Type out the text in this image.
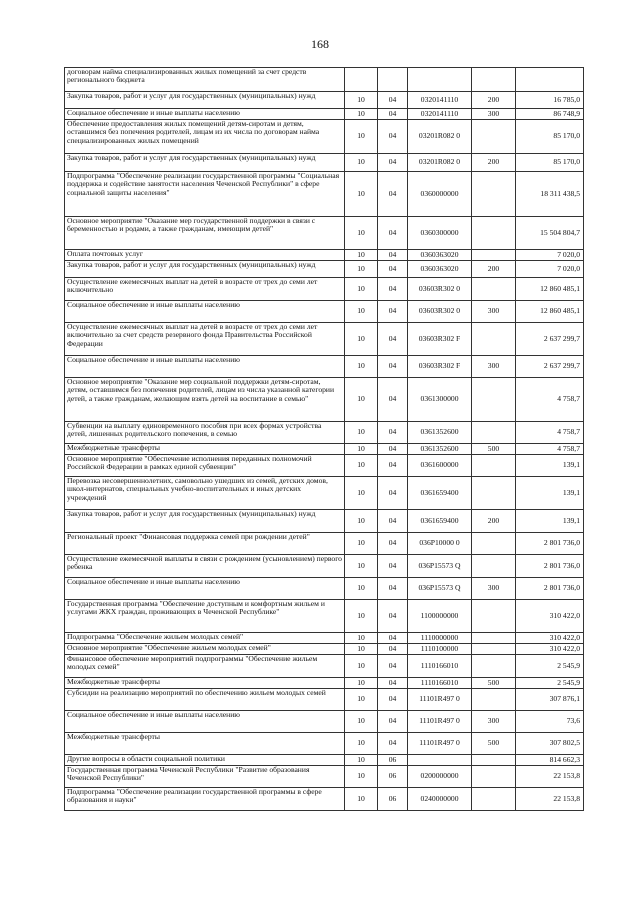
168
договорам найма специализированных жилых помещений за счет средств регионального бюджета					
Закупка товаров, работ и услуг для государственных (муниципальных) нужд	10	04	0320141110	200	16 785,0
Социальное обеспечение и иные выплаты населению	10	04	0320141110	300	86 748,9
Обеспечение предоставления жилых помещений детям-сиротам и детям, оставшимся без попечения родителей, лицам из их числа по договорам найма специализированных жилых помещений	10	04	03201R082 0		85 170,0
Закупка товаров, работ и услуг для государственных (муниципальных) нужд	10	04	03201R082 0	200	85 170,0
Подпрограмма "Обеспечение реализации государственной программы "Социальная поддержка и содействие занятости населения Чеченской Республики" в сфере социальной защиты населения"	10	04	0360000000		18 311 438,5
Основное мероприятие "Оказание мер государственной поддержки в связи с беременностью и родами, а также гражданам, имеющим детей"	10	04	0360300000		15 504 804,7
Оплата почтовых услуг	10	04	0360363020		7 020,0
Закупка товаров, работ и услуг для государственных (муниципальных) нужд	10	04	0360363020	200	7 020,0
Осуществление ежемесячных выплат на детей в возрасте от трех до семи лет включительно	10	04	03603R302 0		12 860 485,1
Социальное обеспечение и иные выплаты населению	10	04	03603R302 0	300	12 860 485,1
Осуществление ежемесячных выплат на детей в возрасте от трех до семи лет включительно за счет средств резервного фонда Правительства Российской Федерации	10	04	03603R302 F		2 637 299,7
Социальное обеспечение и иные выплаты населению	10	04	03603R302 F	300	2 637 299,7
Основное мероприятие "Оказание мер социальной поддержки детям-сиротам, детям, оставшимся без попечения родителей, лицам из числа указанной категории детей, а также гражданам, желающим взять детей на воспитание в семью"	10	04	0361300000		4 758,7
Субвенции на выплату единовременного пособия при всех формах устройства детей, лишенных родительского попечения, в семью	10	04	0361352600		4 758,7
Межбюджетные трансферты	10	04	0361352600	500	4 758,7
Основное мероприятие "Обеспечение исполнения переданных полномочий Российской Федерации в рамках единой субвенции"	10	04	0361600000		139,1
Перевозка несовершеннолетних, самовольно ушедших из семей, детских домов, школ-интернатов, специальных учебно-воспитательных и иных детских учреждений	10	04	0361659400		139,1
Закупка товаров, работ и услуг для государственных (муниципальных) нужд	10	04	0361659400	200	139,1
Региональный проект "Финансовая поддержка семей при рождении детей"	10	04	036P10000 0		2 801 736,0
Осуществление ежемесячной выплаты в связи с рождением (усыновлением) первого ребенка	10	04	036P15573 Q		2 801 736,0
Социальное обеспечение и иные выплаты населению	10	04	036P15573 Q	300	2 801 736,0
Государственная программа "Обеспечение доступным и комфортным жильем и услугами ЖКХ граждан, проживающих в Чеченской Республике"	10	04	1100000000		310 422,0
Подпрограмма "Обеспечение жильем молодых семей"	10	04	1110000000		310 422,0
Основное мероприятие "Обеспечение жильем молодых семей"	10	04	1110100000		310 422,0
Финансовое обеспечение мероприятий подпрограммы "Обеспечение жильем молодых семей"	10	04	1110166010		2 545,9
Межбюджетные трансферты	10	04	1110166010	500	2 545,9
Субсидии на реализацию мероприятий по обеспечению жильем молодых семей	10	04	11101R497 0		307 876,1
Социальное обеспечение и иные выплаты населению	10	04	11101R497 0	300	73,6
Межбюджетные трансферты	10	04	11101R497 0	500	307 802,5
Другие вопросы в области социальной политики	10	06			814 662,3
Государственная программа Чеченской Республики "Развитие образования Чеченской Республики"	10	06	0200000000		22 153,8
Подпрограмма "Обеспечение реализации государственной программы в сфере образования и науки"	10	06	0240000000		22 153,8
